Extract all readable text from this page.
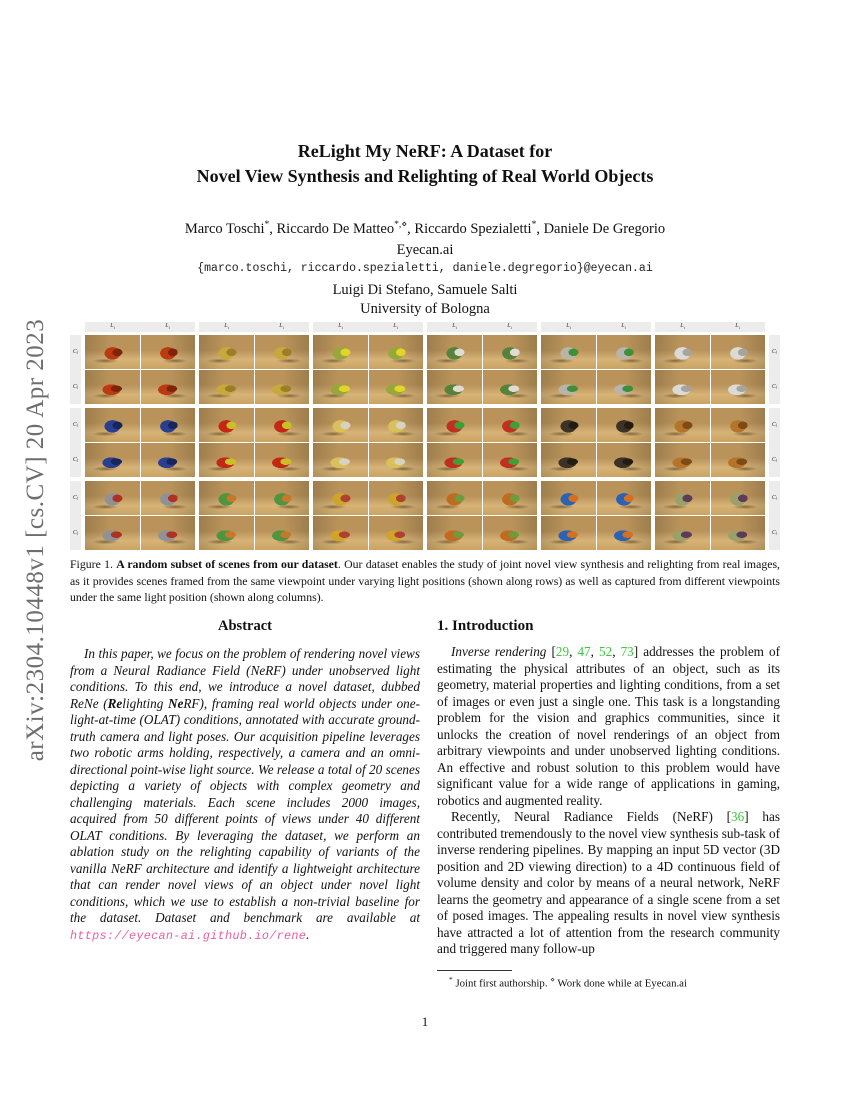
arXiv:2304.10448v1 [cs.CV] 20 Apr 2023
ReLight My NeRF: A Dataset for
Novel View Synthesis and Relighting of Real World Objects
Marco Toschi*, Riccardo De Matteo*,⋄, Riccardo Spezialetti*, Daniele De Gregorio
Eyecan.ai
{marco.toschi, riccardo.spezialetti, daniele.degregorio}@eyecan.ai
Luigi Di Stefano, Samuele Salti
University of Bologna
$L_i$	$L_i$	$L_i$	$L_i$	$L_i$	$L_i$	$L_i$	$L_i$	$L_i$	$L_i$	$L_i$	$L_i$
C j
C j
C j
C j
C j
C j
C j
C j
C j
C j
C j
C j
Figure 1. A random subset of scenes from our dataset. Our dataset enables the study of joint novel view synthesis and relighting from real images, as it provides scenes framed from the same viewpoint under varying light positions (shown along rows) as well as captured from different viewpoints under the same light position (shown along columns).
Abstract

In this paper, we focus on the problem of rendering novel views from a Neural Radiance Field (NeRF) under unobserved light conditions. To this end, we introduce a novel dataset, dubbed ReNe (Relighting NeRF), framing real world objects under one-light-at-time (OLAT) conditions, annotated with accurate ground-truth camera and light poses. Our acquisition pipeline leverages two robotic arms holding, respectively, a camera and an omni-directional point-wise light source. We release a total of 20 scenes depicting a variety of objects with complex geometry and challenging materials. Each scene includes 2000 images, acquired from 50 different points of views under 40 different OLAT conditions. By leveraging the dataset, we perform an ablation study on the relighting capability of variants of the vanilla NeRF architecture and identify a lightweight architecture that can render novel views of an object under novel light conditions, which we use to establish a non-trivial baseline for the dataset. Dataset and benchmark are available at https://eyecan-ai.github.io/rene.

1. Introduction

Inverse rendering [29, 47, 52, 73] addresses the problem of estimating the physical attributes of an object, such as its geometry, material properties and lighting conditions, from a set of images or even just a single one. This task is a longstanding problem for the vision and graphics communities, since it unlocks the creation of novel renderings of an object from arbitrary viewpoints and under unobserved lighting conditions. An effective and robust solution to this problem would have significant value for a wide range of applications in gaming, robotics and augmented reality.

Recently, Neural Radiance Fields (NeRF) [36] has contributed tremendously to the novel view synthesis sub-task of inverse rendering pipelines. By mapping an input 5D vector (3D position and 2D viewing direction) to a 4D continuous field of volume density and color by means of a neural network, NeRF learns the geometry and appearance of a single scene from a set of posed images. The appealing results in novel view synthesis have attracted a lot of attention from the research community and triggered many follow-up

* Joint first authorship. ⋄ Work done while at Eyecan.ai
1
